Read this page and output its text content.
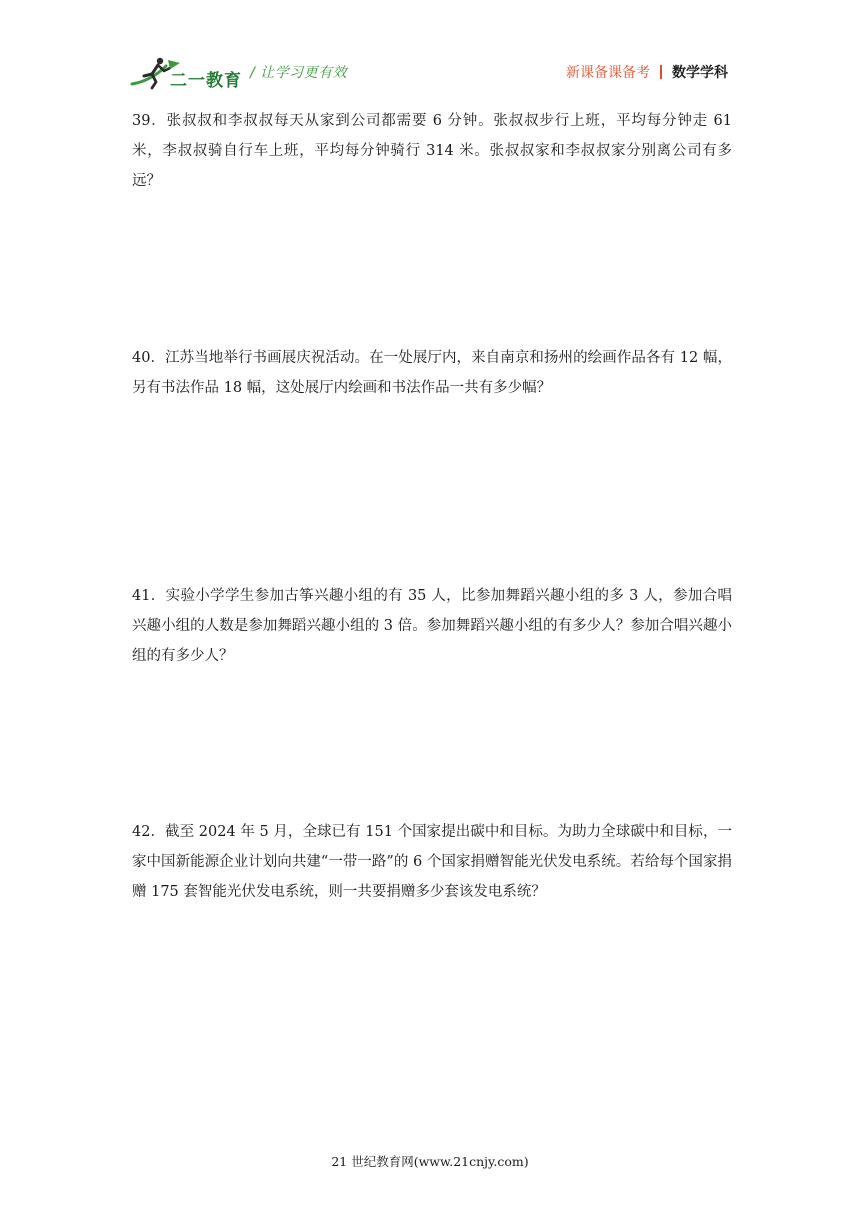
二一教育 / 让学习更有效	新课备课备考 数学学科
39．张叔叔和李叔叔每天从家到公司都需要 6 分钟。张叔叔步行上班，平均每分钟走 61 米，李叔叔骑自行车上班，平均每分钟骑行 314 米。张叔叔家和李叔叔家分别离公司有多远？
40．江苏当地举行书画展庆祝活动。在一处展厅内，来自南京和扬州的绘画作品各有 12 幅，另有书法作品 18 幅，这处展厅内绘画和书法作品一共有多少幅？
41．实验小学学生参加古筝兴趣小组的有 35 人，比参加舞蹈兴趣小组的多 3 人，参加合唱兴趣小组的人数是参加舞蹈兴趣小组的 3 倍。参加舞蹈兴趣小组的有多少人？参加合唱兴趣小组的有多少人？
42．截至 2024 年 5 月，全球已有 151 个国家提出碳中和目标。为助力全球碳中和目标，一家中国新能源企业计划向共建“一带一路”的 6 个国家捐赠智能光伏发电系统。若给每个国家捐赠 175 套智能光伏发电系统，则一共要捐赠多少套该发电系统？
21 世纪教育网(www.21cnjy.com)
